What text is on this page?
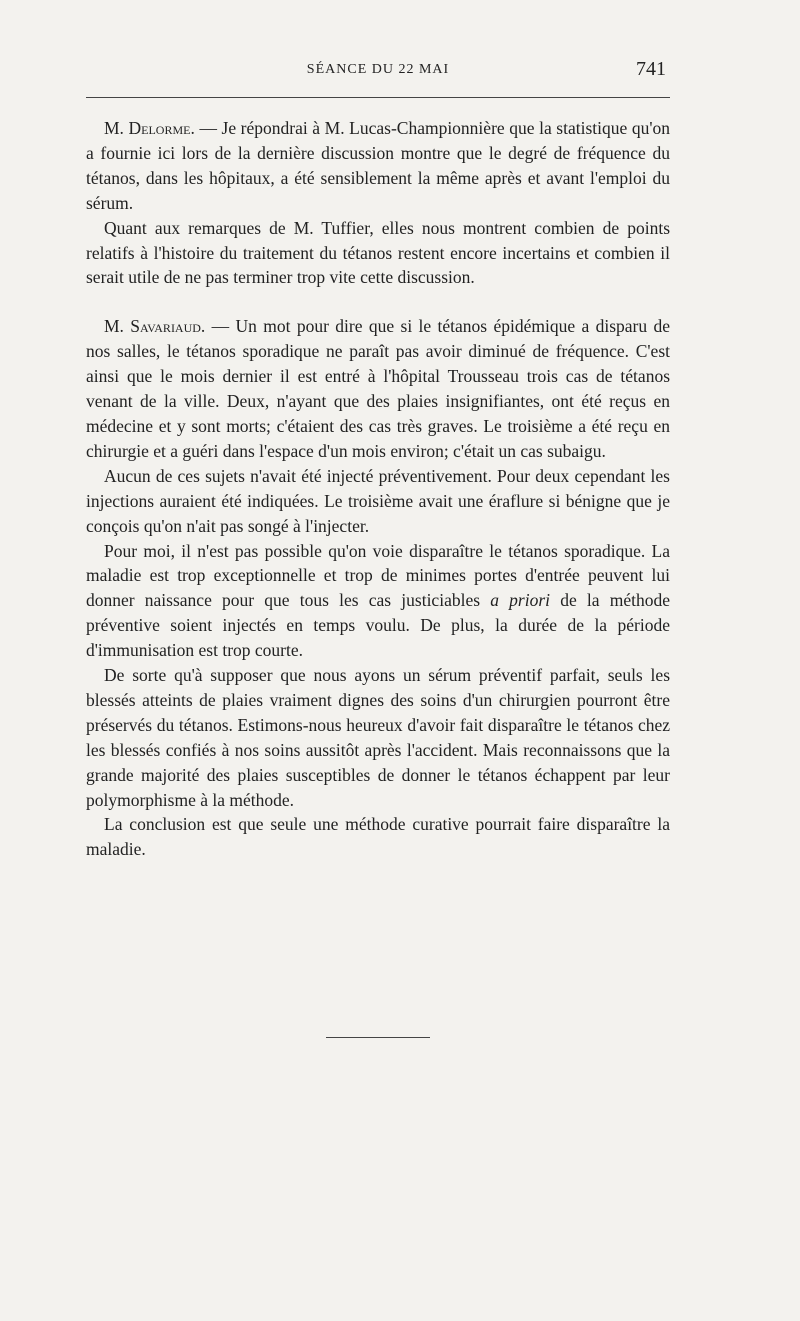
SÉANCE DU 22 MAI	741

M. Delorme. — Je répondrai à M. Lucas-Championnière que la statistique qu'on a fournie ici lors de la dernière discussion montre que le degré de fréquence du tétanos, dans les hôpitaux, a été sensiblement la même après et avant l'emploi du sérum.

Quant aux remarques de M. Tuffier, elles nous montrent combien de points relatifs à l'histoire du traitement du tétanos restent encore incertains et combien il serait utile de ne pas terminer trop vite cette discussion.

M. Savariaud. — Un mot pour dire que si le tétanos épidémique a disparu de nos salles, le tétanos sporadique ne paraît pas avoir diminué de fréquence. C'est ainsi que le mois dernier il est entré à l'hôpital Trousseau trois cas de tétanos venant de la ville. Deux, n'ayant que des plaies insignifiantes, ont été reçus en médecine et y sont morts; c'étaient des cas très graves. Le troisième a été reçu en chirurgie et a guéri dans l'espace d'un mois environ; c'était un cas subaigu.

Aucun de ces sujets n'avait été injecté préventivement. Pour deux cependant les injections auraient été indiquées. Le troisième avait une éraflure si bénigne que je conçois qu'on n'ait pas songé à l'injecter.

Pour moi, il n'est pas possible qu'on voie disparaître le tétanos sporadique. La maladie est trop exceptionnelle et trop de minimes portes d'entrée peuvent lui donner naissance pour que tous les cas justiciables a priori de la méthode préventive soient injectés en temps voulu. De plus, la durée de la période d'immunisation est trop courte.

De sorte qu'à supposer que nous ayons un sérum préventif parfait, seuls les blessés atteints de plaies vraiment dignes des soins d'un chirurgien pourront être préservés du tétanos. Estimons-nous heureux d'avoir fait disparaître le tétanos chez les blessés confiés à nos soins aussitôt après l'accident. Mais reconnaissons que la grande majorité des plaies susceptibles de donner le tétanos échappent par leur polymorphisme à la méthode.

La conclusion est que seule une méthode curative pourrait faire disparaître la maladie.
